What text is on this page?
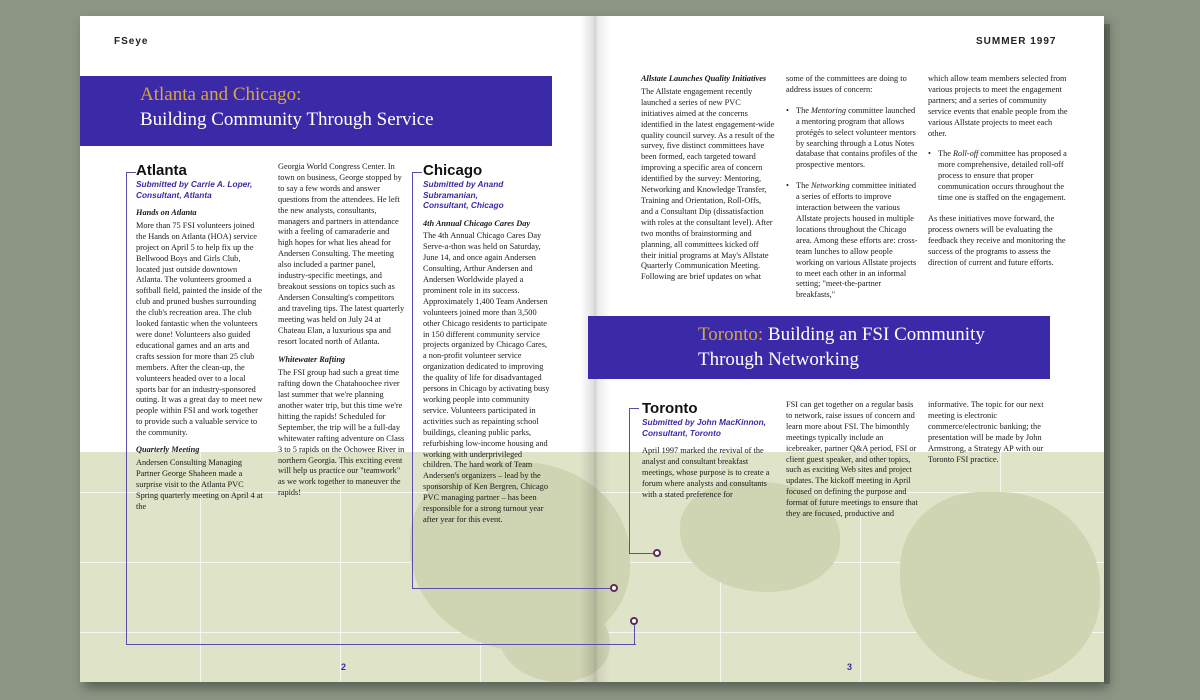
FSeye	SUMMER 1997
Atlanta and Chicago:
Building Community Through Service
Atlanta
Submitted by Carrie A. Loper,
Consultant, Atlanta

Hands on Atlanta

More than 75 FSI volunteers joined the Hands on Atlanta (HOA) service project on April 5 to help fix up the Bellwood Boys and Girls Club, located just outside downtown Atlanta. The volunteers groomed a softball field, painted the inside of the club and pruned bushes surrounding the club's recreation area. The club looked fantastic when the volunteers were done! Volunteers also guided educational games and an arts and crafts session for more than 25 club members. After the clean-up, the volunteers headed over to a local sports bar for an industry-sponsored outing. It was a great day to meet new people within FSI and work together to provide such a valuable service to the community.

Quarterly Meeting

Andersen Consulting Managing Partner George Shaheen made a surprise visit to the Atlanta PVC Spring quarterly meeting on April 4 at the

Georgia World Congress Center. In town on business, George stopped by to say a few words and answer questions from the attendees. He left the new analysts, consultants, managers and partners in attendance with a feeling of camaraderie and high hopes for what lies ahead for Andersen Consulting. The meeting also included a partner panel, industry-specific meetings, and breakout sessions on topics such as Andersen Consulting's competitors and traveling tips. The latest quarterly meeting was held on July 24 at Chateau Elan, a luxurious spa and resort located north of Atlanta.

Whitewater Rafting

The FSI group had such a great time rafting down the Chatahoochee river last summer that we're planning another water trip, but this time we're hitting the rapids! Scheduled for September, the trip will be a full-day whitewater rafting adventure on Class 3 to 5 rapids on the Ochowee River in northern Georgia. This exciting event will help us practice our "teamwork" as we work together to maneuver the rapids!

Chicago
Submitted by Anand Subramanian,
Consultant, Chicago

4th Annual Chicago Cares Day

The 4th Annual Chicago Cares Day Serve-a-thon was held on Saturday, June 14, and once again Andersen Consulting, Arthur Andersen and Andersen Worldwide played a prominent role in its success. Approximately 1,400 Team Andersen volunteers joined more than 3,500 other Chicago residents to participate in 150 different community service projects organized by Chicago Cares, a non-profit volunteer service organization dedicated to improving the quality of life for disadvantaged persons in Chicago by activating busy working people into community service. Volunteers participated in activities such as repainting school buildings, cleaning public parks, refurbishing low-income housing and working with underprivileged children. The hard work of Team Andersen's organizers – lead by the sponsorship of Ken Bergren, Chicago PVC managing partner – has been responsible for a strong turnout year after year for this event.

Allstate Launches Quality Initiatives

The Allstate engagement recently launched a series of new PVC initiatives aimed at the concerns identified in the latest engagement-wide quality council survey. As a result of the survey, five distinct committees have been formed, each targeted toward improving a specific area of concern identified by the survey: Mentoring, Networking and Knowledge Transfer, Training and Orientation, Roll-Offs, and a Consultant Dip (dissatisfaction with roles at the consultant level). After two months of brainstorming and planning, all committees kicked off their initial programs at May's Allstate Quarterly Communication Meeting. Following are brief updates on what

some of the committees are doing to address issues of concern:

• The Mentoring committee launched a mentoring program that allows protégés to select volunteer mentors by searching through a Lotus Notes database that contains profiles of the prospective mentors.

• The Networking committee initiated a series of efforts to improve interaction between the various Allstate projects housed in multiple locations throughout the Chicago area. Among these efforts are: cross-team lunches to allow people working on various Allstate projects to meet each other in an informal setting; "meet-the-partner breakfasts,"

which allow team members selected from various projects to meet the engagement partners; and a series of community service events that enable people from the various Allstate projects to meet each other.

• The Roll-off committee has proposed a more comprehensive, detailed roll-off process to ensure that proper communication occurs throughout the time one is staffed on the engagement.

As these initiatives move forward, the process owners will be evaluating the feedback they receive and monitoring the success of the programs to assess the direction of current and future efforts.

Toronto: Building an FSI Community
Through Networking
Toronto
Submitted by John MacKinnon,
Consultant, Toronto

April 1997 marked the revival of the analyst and consultant breakfast meetings, whose purpose is to create a forum where analysts and consultants with a stated preference for

FSI can get together on a regular basis to network, raise issues of concern and learn more about FSI. The bimonthly meetings typically include an icebreaker, partner Q&A period, FSI or client guest speaker, and other topics, such as exciting Web sites and project updates. The kickoff meeting in April focused on defining the purpose and format of future meetings to ensure that they are focused, productive and

informative. The topic for our next meeting is electronic commerce/electronic banking; the presentation will be made by John Armstrong, a Strategy AP with our Toronto FSI practice.

2	3
